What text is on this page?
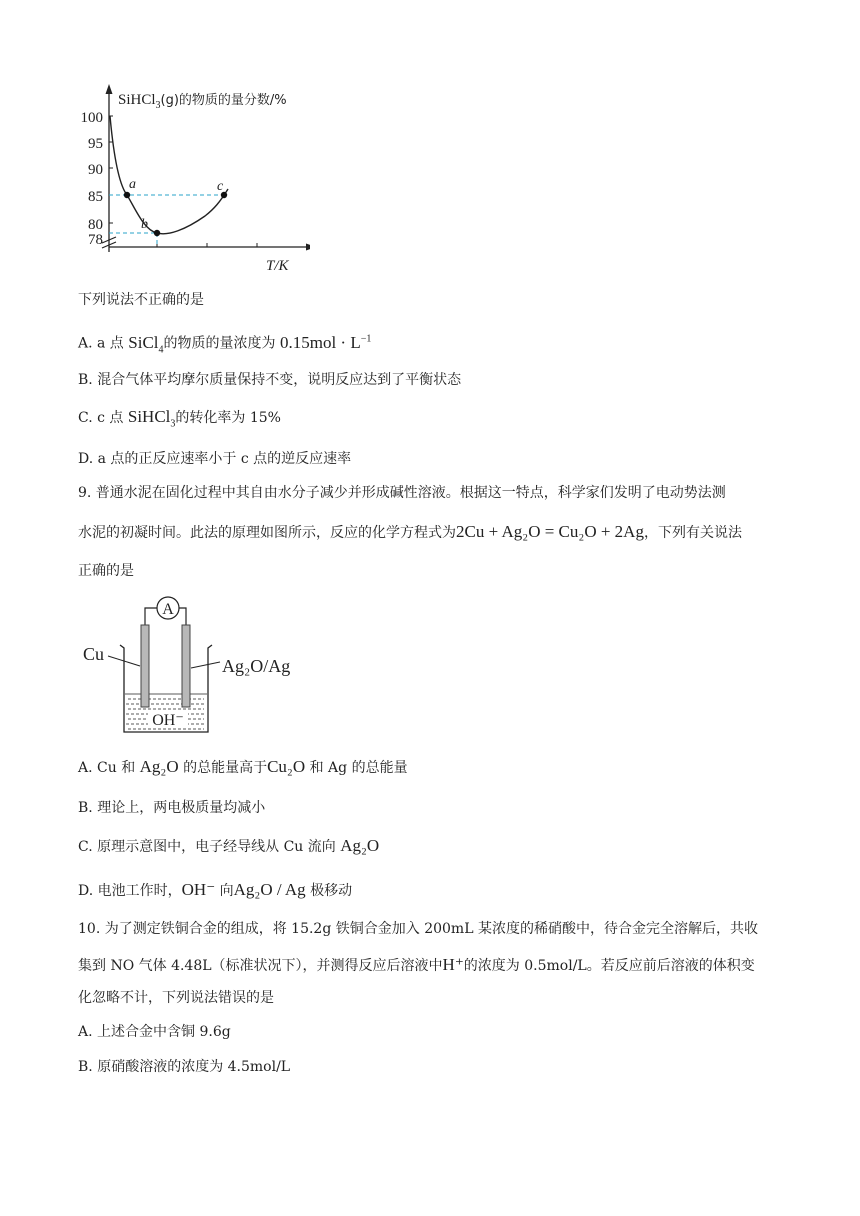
100
95
90
85
80
78
SiHCl$_3$(g)的物质的量分数/%
T/K
a
b
c
下列说法不正确的是
A. a 点 SiCl$_4$的物质的量浓度为 $0.15mol \cdot L^{-1}$
B. 混合气体平均摩尔质量保持不变，说明反应达到了平衡状态
C. c 点 SiHCl$_3$的转化率为 15%
D. a 点的正反应速率小于 c 点的逆反应速率
9. 普通水泥在固化过程中其自由水分子减少并形成碱性溶液。根据这一特点，科学家们发明了电动势法测
水泥的初凝时间。此法的原理如图所示，反应的化学方程式为2Cu + Ag₂O = Cu₂O + 2Ag，下列有关说法
正确的是
A
OH⁻
Cu
Ag₂O/Ag
A. Cu 和 Ag₂O 的总能量高于Cu₂O 和 Ag 的总能量
B. 理论上，两电极质量均减小
C. 原理示意图中，电子经导线从 Cu 流向 Ag₂O
D. 电池工作时，OH⁻ 向Ag₂O / Ag 极移动
10. 为了测定铁铜合金的组成，将 15.2g 铁铜合金加入 200mL 某浓度的稀硝酸中，待合金完全溶解后，共收
集到 NO 气体 4.48L（标准状况下），并测得反应后溶液中H⁺的浓度为 0.5mol/L。若反应前后溶液的体积变
化忽略不计，下列说法错误的是
A. 上述合金中含铜 9.6g
B. 原硝酸溶液的浓度为 4.5mol/L
